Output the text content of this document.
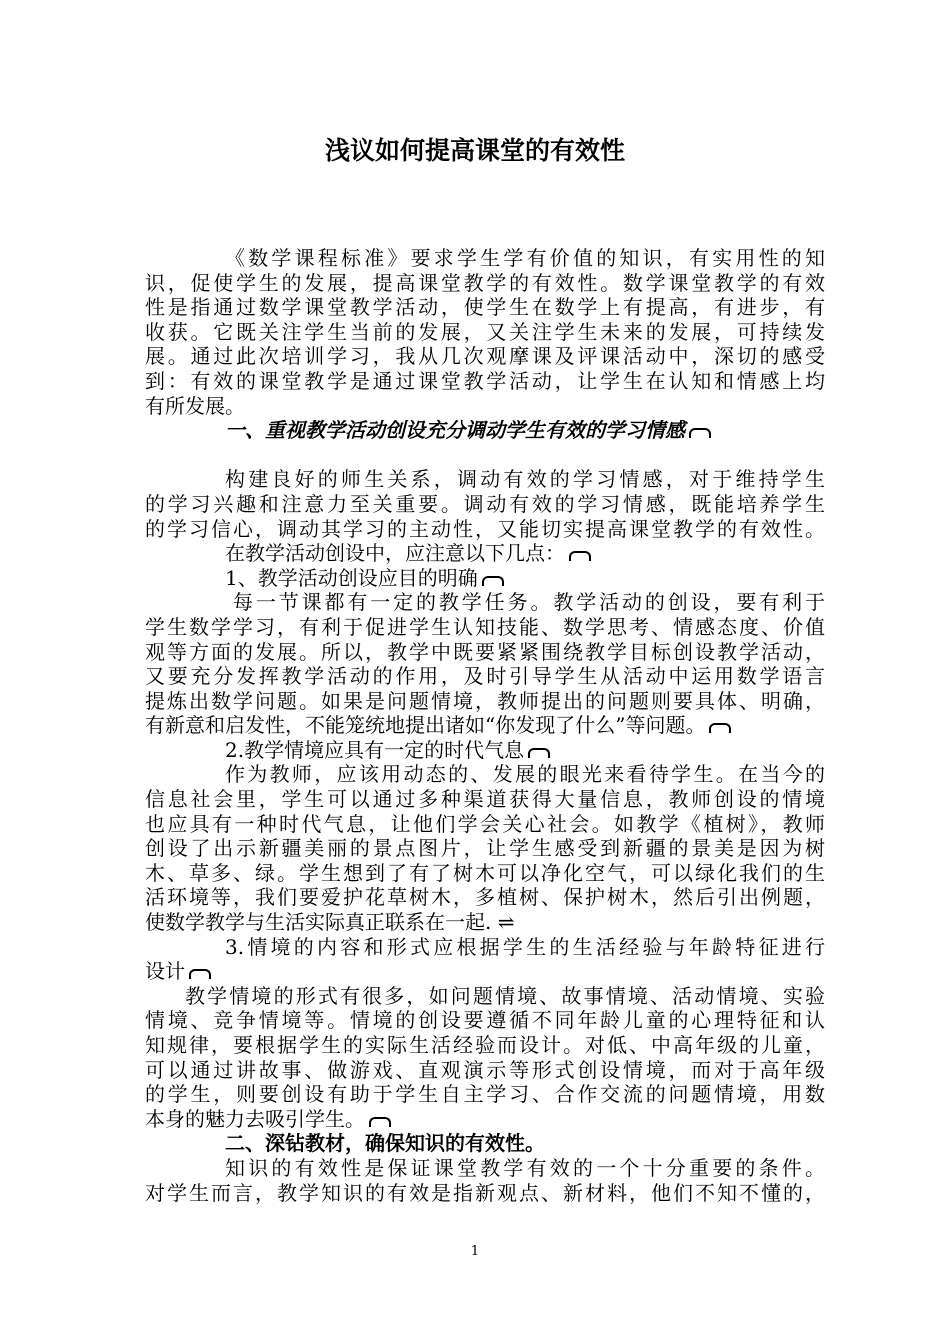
浅议如何提高课堂的有效性
《数学课程标准》要求学生学有价值的知识，有实用性的知
识，促使学生的发展，提高课堂教学的有效性。数学课堂教学的有效
性是指通过数学课堂教学活动，使学生在数学上有提高，有进步，有
收获。它既关注学生当前的发展，又关注学生未来的发展，可持续发
展。通过此次培训学习，我从几次观摩课及评课活动中，深切的感受
到：有效的课堂教学是通过课堂教学活动，让学生在认知和情感上均
有所发展。
一、重视教学活动创设充分调动学生有效的学习情感
构建良好的师生关系，调动有效的学习情感，对于维持学生
的学习兴趣和注意力至关重要。调动有效的学习情感，既能培养学生
的学习信心，调动其学习的主动性，又能切实提高课堂教学的有效性。
在教学活动创设中，应注意以下几点：
1、教学活动创设应目的明确
每一节课都有一定的教学任务。教学活动的创设，要有利于
学生数学学习，有利于促进学生认知技能、数学思考、情感态度、价值
观等方面的发展。所以，教学中既要紧紧围绕教学目标创设教学活动，
又要充分发挥教学活动的作用，及时引导学生从活动中运用数学语言
提炼出数学问题。如果是问题情境，教师提出的问题则要具体、明确，
有新意和启发性，不能笼统地提出诸如“你发现了什么”等问题。
2.教学情境应具有一定的时代气息
作为教师，应该用动态的、发展的眼光来看待学生。在当今的
信息社会里，学生可以通过多种渠道获得大量信息，教师创设的情境
也应具有一种时代气息，让他们学会关心社会。如教学《植树》，教师
创设了出示新疆美丽的景点图片，让学生感受到新疆的景美是因为树
木、草多、绿。学生想到了有了树木可以净化空气，可以绿化我们的生
活环境等，我们要爱护花草树木，多植树、保护树木，然后引出例题，
使数学教学与生活实际真正联系在一起. ⇌
3.情境的内容和形式应根据学生的生活经验与年龄特征进行
设计
教学情境的形式有很多，如问题情境、故事情境、活动情境、实验
情境、竞争情境等。情境的创设要遵循不同年龄儿童的心理特征和认
知规律，要根据学生的实际生活经验而设计。对低、中高年级的儿童，
可以通过讲故事、做游戏、直观演示等形式创设情境，而对于高年级
的学生，则要创设有助于学生自主学习、合作交流的问题情境，用数
本身的魅力去吸引学生。
二、深钻教材，确保知识的有效性。
知识的有效性是保证课堂教学有效的一个十分重要的条件。
对学生而言，教学知识的有效是指新观点、新材料，他们不知不懂的，
1
